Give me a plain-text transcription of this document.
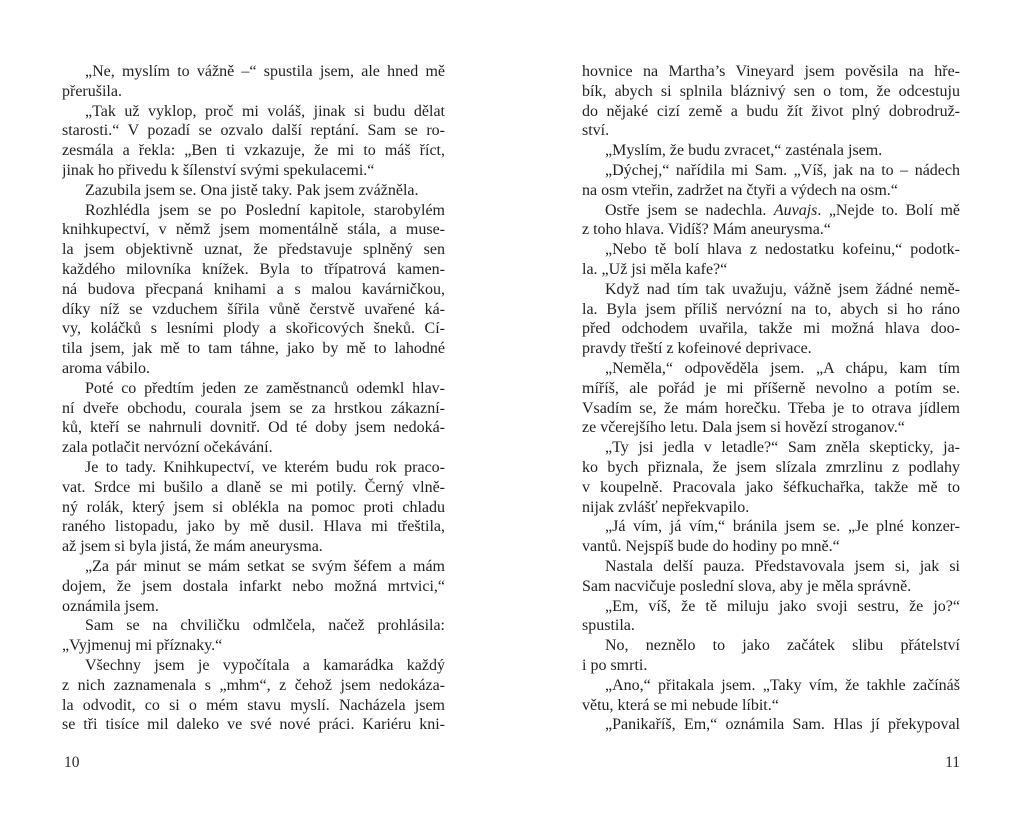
„Ne, myslím to vážně –“ spustila jsem, ale hned mě
přerušila.
„Tak už vyklop, proč mi voláš, jinak si budu dělat
starosti.“ V pozadí se ozvalo další reptání. Sam se ro-
zesmála a řekla: „Ben ti vzkazuje, že mi to máš říct,
jinak ho přivedu k šílenství svými spekulacemi.“
Zazubila jsem se. Ona jistě taky. Pak jsem zvážněla.
Rozhlédla jsem se po Poslední kapitole, starobylém
knihkupectví, v němž jsem momentálně stála, a muse-
la jsem objektivně uznat, že představuje splněný sen
každého milovníka knížek. Byla to třípatrová kamen-
ná budova přecpaná knihami a s malou kavárničkou,
díky níž se vzduchem šířila vůně čerstvě uvařené ká-
vy, koláčků s lesními plody a skořicových šneků. Cí-
tila jsem, jak mě to tam táhne, jako by mě to lahodné
aroma vábilo.
Poté co předtím jeden ze zaměstnanců odemkl hlav-
ní dveře obchodu, courala jsem se za hrstkou zákazní-
ků, kteří se nahrnuli dovnitř. Od té doby jsem nedoká-
zala potlačit nervózní očekávání.
Je to tady. Knihkupectví, ve kterém budu rok praco-
vat. Srdce mi bušilo a dlaně se mi potily. Černý vlně-
ný rolák, který jsem si oblékla na pomoc proti chladu
raného listopadu, jako by mě dusil. Hlava mi třeštila,
až jsem si byla jistá, že mám aneurysma.
„Za pár minut se mám setkat se svým šéfem a mám
dojem, že jsem dostala infarkt nebo možná mrtvici,“
oznámila jsem.
Sam se na chviličku odmlčela, načež prohlásila:
„Vyjmenuj mi příznaky.“
Všechny jsem je vypočítala a kamarádka každý
z nich zaznamenala s „mhm“, z čehož jsem nedokáza-
la odvodit, co si o mém stavu myslí. Nacházela jsem
se tři tisíce mil daleko ve své nové práci. Kariéru kni-
10
hovnice na Martha’s Vineyard jsem pověsila na hře-
bík, abych si splnila bláznivý sen o tom, že odcestuju
do nějaké cizí země a budu žít život plný dobrodruž-
ství.
„Myslím, že budu zvracet,“ zasténala jsem.
„Dýchej,“ nařídila mi Sam. „Víš, jak na to – nádech
na osm vteřin, zadržet na čtyři a výdech na osm.“
Ostře jsem se nadechla. Auvajs. „Nejde to. Bolí mě
z toho hlava. Vidíš? Mám aneurysma.“
„Nebo tě bolí hlava z nedostatku kofeinu,“ podotk-
la. „Už jsi měla kafe?“
Když nad tím tak uvažuju, vážně jsem žádné nemě-
la. Byla jsem příliš nervózní na to, abych si ho ráno
před odchodem uvařila, takže mi možná hlava doo-
pravdy třeští z kofeinové deprivace.
„Neměla,“ odpověděla jsem. „A chápu, kam tím
míříš, ale pořád je mi příšerně nevolno a potím se.
Vsadím se, že mám horečku. Třeba je to otrava jídlem
ze včerejšího letu. Dala jsem si hovězí stroganov.“
„Ty jsi jedla v letadle?“ Sam zněla skepticky, ja-
ko bych přiznala, že jsem slízala zmrzlinu z podlahy
v koupelně. Pracovala jako šéfkuchařka, takže mě to
nijak zvlášť nepřekvapilo.
„Já vím, já vím,“ bránila jsem se. „Je plné konzer-
vantů. Nejspíš bude do hodiny po mně.“
Nastala delší pauza. Představovala jsem si, jak si
Sam nacvičuje poslední slova, aby je měla správně.
„Em, víš, že tě miluju jako svoji sestru, že jo?“
spustila.
No, neznělo to jako začátek slibu přátelství
i po smrti.
„Ano,“ přitakala jsem. „Taky vím, že takhle začínáš
větu, která se mi nebude líbit.“
„Panikaříš, Em,“ oznámila Sam. Hlas jí překypoval
11
